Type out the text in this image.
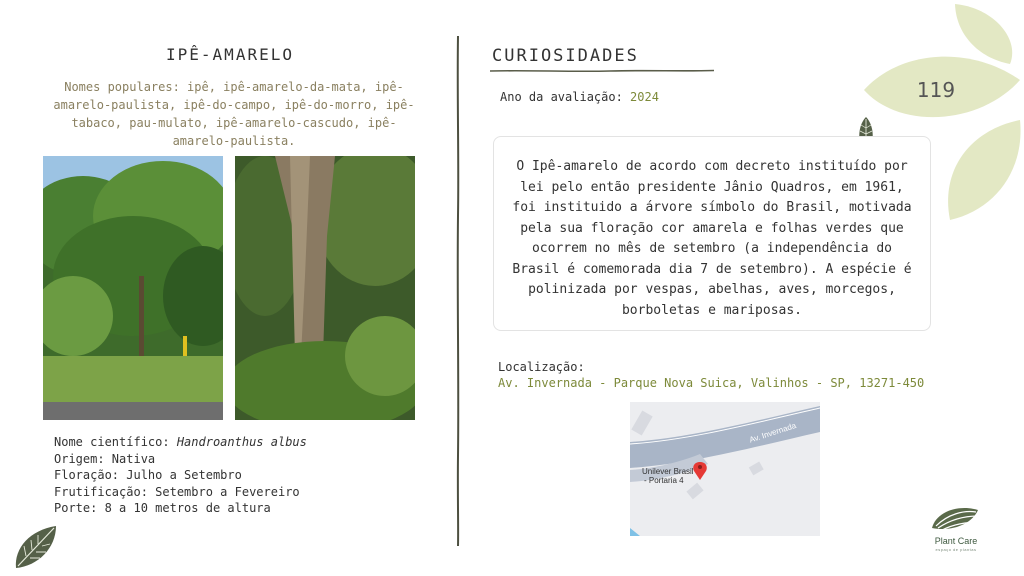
119
IPÊ-AMARELO
Nomes populares: ipê, ipê-amarelo-da-mata, ipê-amarelo-paulista, ipê-do-campo, ipê-do-morro, ipê-tabaco, pau-mulato, ipê-amarelo-cascudo, ipê-amarelo-paulista.
Nome científico: Handroanthus albus
Origem: Nativa
Floração: Julho a Setembro
Frutificação: Setembro a Fevereiro
Porte: 8 a 10 metros de altura
CURIOSIDADES
Ano da avaliação: 2024
O Ipê-amarelo de acordo com decreto instituído por lei pelo então presidente Jânio Quadros, em 1961, foi instituido a árvore símbolo do Brasil, motivada pela sua floração cor amarela e folhas verdes que ocorrem no mês de setembro (a independência do Brasil é comemorada dia 7 de setembro). A espécie é polinizada por vespas, abelhas, aves, morcegos, borboletas e mariposas.
Localização:
Av. Invernada - Parque Nova Suica, Valinhos - SP, 13271-450
Av. Invernada
Unilever Brasil
- Portaria 4
Plant Care
espaço de plantas
